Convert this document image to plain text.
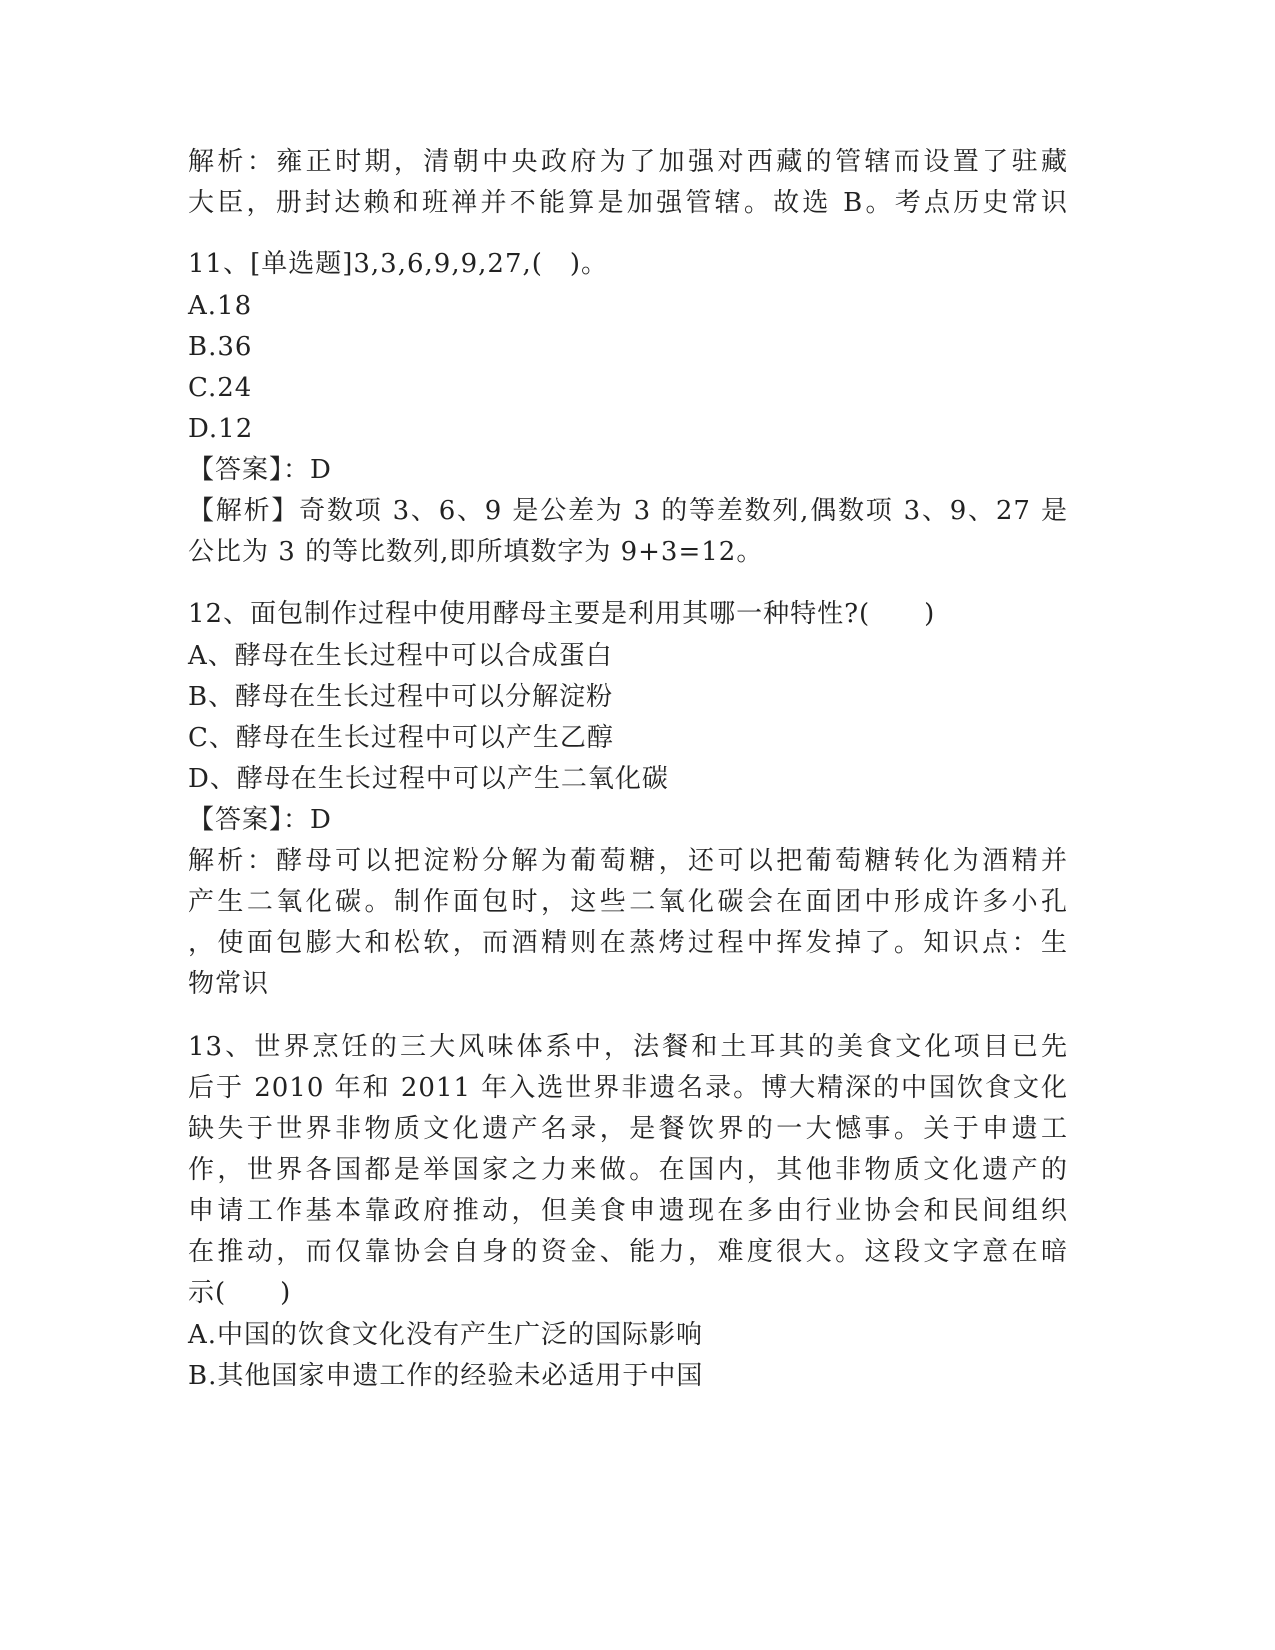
解析：雍正时期，清朝中央政府为了加强对西藏的管辖而设置了驻藏
大臣，册封达赖和班禅并不能算是加强管辖。故选 B。考点历史常识
11、[单选题]3,3,6,9,9,27,(　)。
A.18
B.36
C.24
D.12
【答案】：D
【解析】奇数项 3、6、9 是公差为 3 的等差数列,偶数项 3、9、27 是
公比为 3 的等比数列,即所填数字为 9+3=12。
12、面包制作过程中使用酵母主要是利用其哪一种特性?(　　)
A、酵母在生长过程中可以合成蛋白
B、酵母在生长过程中可以分解淀粉
C、酵母在生长过程中可以产生乙醇
D、酵母在生长过程中可以产生二氧化碳
【答案】：D
解析：酵母可以把淀粉分解为葡萄糖，还可以把葡萄糖转化为酒精并
产生二氧化碳。制作面包时，这些二氧化碳会在面团中形成许多小孔
，使面包膨大和松软，而酒精则在蒸烤过程中挥发掉了。知识点：生
物常识
13、世界烹饪的三大风味体系中，法餐和土耳其的美食文化项目已先
后于 2010 年和 2011 年入选世界非遗名录。博大精深的中国饮食文化
缺失于世界非物质文化遗产名录，是餐饮界的一大憾事。关于申遗工
作，世界各国都是举国家之力来做。在国内，其他非物质文化遗产的
申请工作基本靠政府推动，但美食申遗现在多由行业协会和民间组织
在推动，而仅靠协会自身的资金、能力，难度很大。这段文字意在暗
示(　　)
A.中国的饮食文化没有产生广泛的国际影响
B.其他国家申遗工作的经验未必适用于中国
